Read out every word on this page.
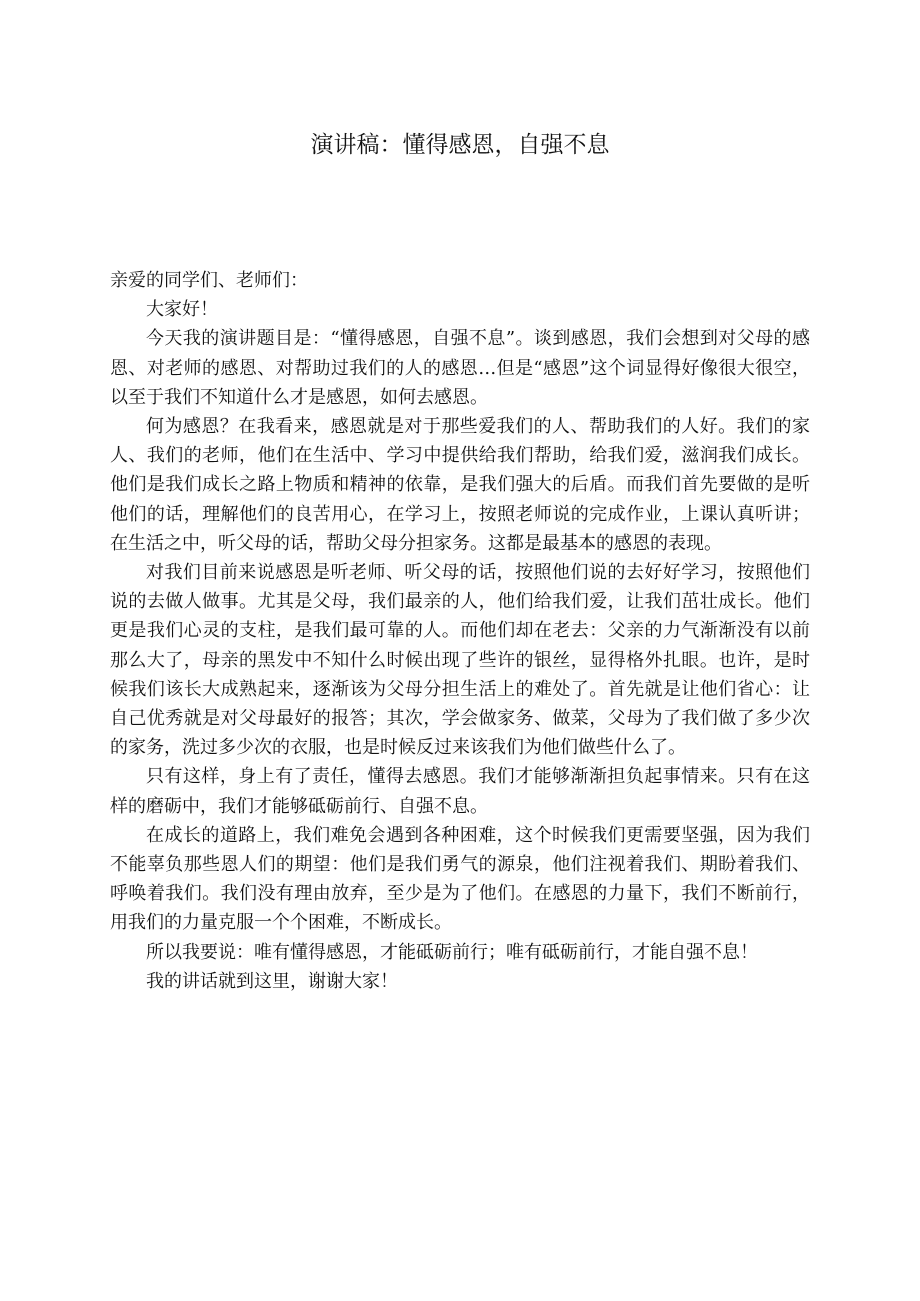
演讲稿：懂得感恩，自强不息

亲爱的同学们、老师们：

大家好！

今天我的演讲题目是：“懂得感恩，自强不息”。谈到感恩，我们会想到对父母的感恩、对老师的感恩、对帮助过我们的人的感恩…但是“感恩”这个词显得好像很大很空，以至于我们不知道什么才是感恩，如何去感恩。

何为感恩？在我看来，感恩就是对于那些爱我们的人、帮助我们的人好。我们的家人、我们的老师，他们在生活中、学习中提供给我们帮助，给我们爱，滋润我们成长。他们是我们成长之路上物质和精神的依靠，是我们强大的后盾。而我们首先要做的是听他们的话，理解他们的良苦用心，在学习上，按照老师说的完成作业，上课认真听讲；在生活之中，听父母的话，帮助父母分担家务。这都是最基本的感恩的表现。

对我们目前来说感恩是听老师、听父母的话，按照他们说的去好好学习，按照他们说的去做人做事。尤其是父母，我们最亲的人，他们给我们爱，让我们茁壮成长。他们更是我们心灵的支柱，是我们最可靠的人。而他们却在老去：父亲的力气渐渐没有以前那么大了，母亲的黑发中不知什么时候出现了些许的银丝，显得格外扎眼。也许，是时候我们该长大成熟起来，逐渐该为父母分担生活上的难处了。首先就是让他们省心：让自己优秀就是对父母最好的报答；其次，学会做家务、做菜，父母为了我们做了多少次的家务，洗过多少次的衣服，也是时候反过来该我们为他们做些什么了。

只有这样，身上有了责任，懂得去感恩。我们才能够渐渐担负起事情来。只有在这样的磨砺中，我们才能够砥砺前行、自强不息。

在成长的道路上，我们难免会遇到各种困难，这个时候我们更需要坚强，因为我们不能辜负那些恩人们的期望：他们是我们勇气的源泉，他们注视着我们、期盼着我们、呼唤着我们。我们没有理由放弃，至少是为了他们。在感恩的力量下，我们不断前行，用我们的力量克服一个个困难，不断成长。

所以我要说：唯有懂得感恩，才能砥砺前行；唯有砥砺前行，才能自强不息！

我的讲话就到这里，谢谢大家！
